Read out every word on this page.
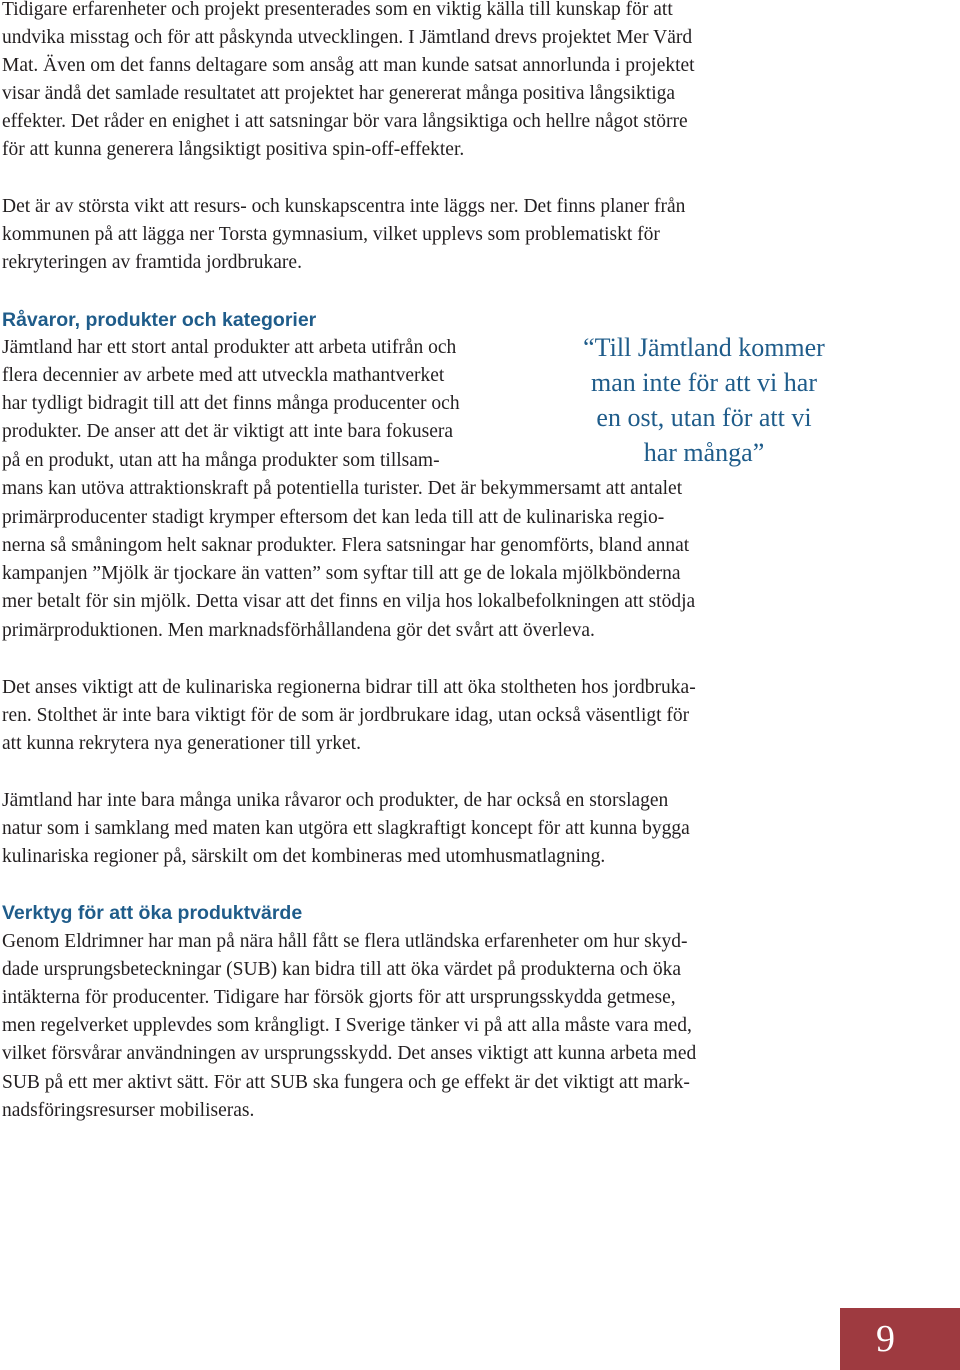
Tidigare erfarenheter och projekt presenterades som en viktig källa till kunskap för att

undvika misstag och för att påskynda utvecklingen. I Jämtland drevs projektet Mer Värd

Mat. Även om det fanns deltagare som ansåg att man kunde satsat annorlunda i projektet

visar ändå det samlade resultatet att projektet har genererat många positiva långsiktiga

effekter. Det råder en enighet i att satsningar bör vara långsiktiga och hellre något större

för att kunna generera långsiktigt positiva spin-off-effekter.

Det är av största vikt att resurs- och kunskapscentra inte läggs ner. Det finns planer från

kommunen på att lägga ner Torsta gymnasium, vilket upplevs som problematiskt för

rekryteringen av framtida jordbrukare.

Råvaror, produkter och kategorier

Jämtland har ett stort antal produkter att arbeta utifrån och

flera decennier av arbete med att utveckla mathantverket

har tydligt bidragit till att det finns många producenter och

produkter. De anser att det är viktigt att inte bara fokusera

på en produkt, utan att ha många produkter som tillsam-

mans kan utöva attraktionskraft på potentiella turister. Det är bekymmersamt att antalet

primärproducenter stadigt krymper eftersom det kan leda till att de kulinariska regio-

nerna så småningom helt saknar produkter. Flera satsningar har genomförts, bland annat

kampanjen ”Mjölk är tjockare än vatten” som syftar till att ge de lokala mjölkbönderna

mer betalt för sin mjölk. Detta visar att det finns en vilja hos lokalbefolkningen att stödja

primärproduktionen. Men marknadsförhållandena gör det svårt att överleva.

“Till Jämtland kommer
man inte för att vi har
en ost, utan för att vi
har många”

Det anses viktigt att de kulinariska regionerna bidrar till att öka stoltheten hos jordbruka-

ren. Stolthet är inte bara viktigt för de som är jordbrukare idag, utan också väsentligt för

att kunna rekrytera nya generationer till yrket.

Jämtland har inte bara många unika råvaror och produkter, de har också en storslagen

natur som i samklang med maten kan utgöra ett slagkraftigt koncept för att kunna bygga

kulinariska regioner på, särskilt om det kombineras med utomhusmatlagning.

Verktyg för att öka produktvärde

Genom Eldrimner har man på nära håll fått se flera utländska erfarenheter om hur skyd-

dade ursprungsbeteckningar (SUB) kan bidra till att öka värdet på produkterna och öka

intäkterna för producenter. Tidigare har försök gjorts för att ursprungsskydda getmese,

men regelverket upplevdes som krångligt. I Sverige tänker vi på att alla måste vara med,

vilket försvårar användningen av ursprungsskydd. Det anses viktigt att kunna arbeta med

SUB på ett mer aktivt sätt. För att SUB ska fungera och ge effekt är det viktigt att mark-

nadsföringsresurser mobiliseras.

9
